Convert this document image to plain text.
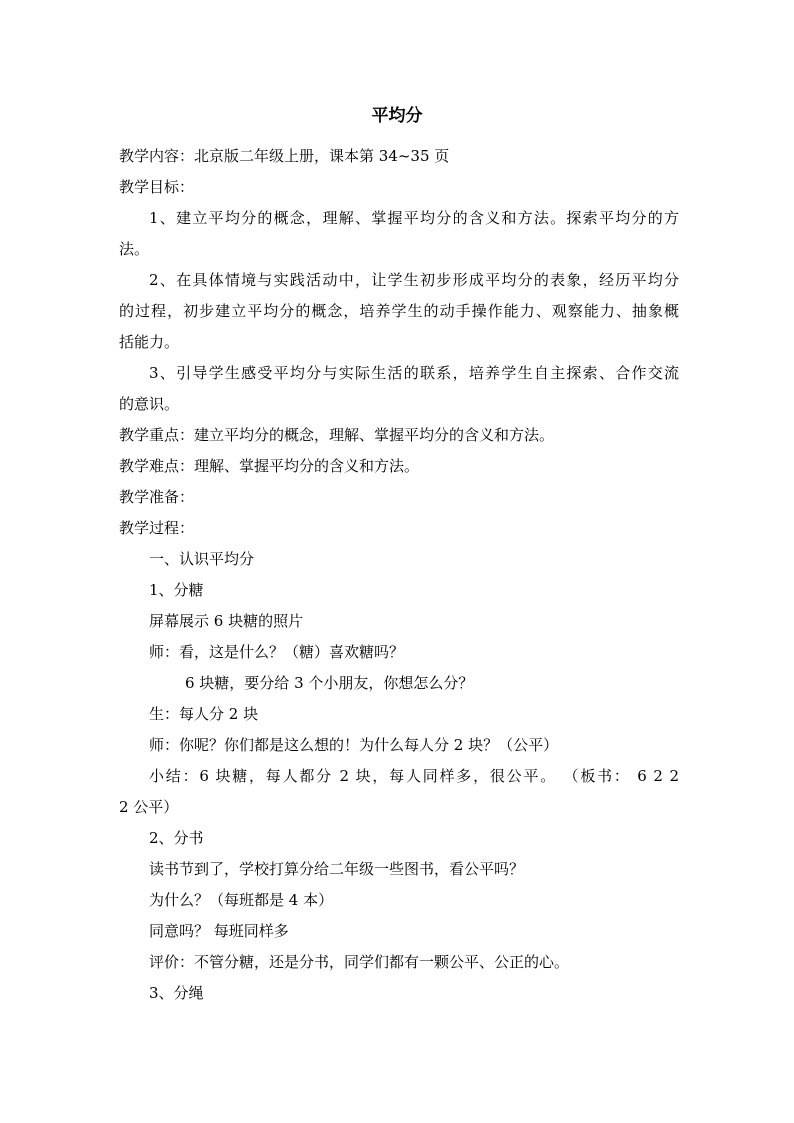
平均分
教学内容：北京版二年级上册，课本第 34~35 页
教学目标：
1、建立平均分的概念，理解、掌握平均分的含义和方法。探索平均分的方
法。
2、在具体情境与实践活动中，让学生初步形成平均分的表象，经历平均分
的过程，初步建立平均分的概念，培养学生的动手操作能力、观察能力、抽象概
括能力。
3、引导学生感受平均分与实际生活的联系，培养学生自主探索、合作交流
的意识。
教学重点：建立平均分的概念，理解、掌握平均分的含义和方法。
教学难点：理解、掌握平均分的含义和方法。
教学准备：
教学过程：
一、认识平均分
1、分糖
屏幕展示 6 块糖的照片
师：看，这是什么？（糖）喜欢糖吗？
6 块糖，要分给 3 个小朋友，你想怎么分？
生：每人分 2 块
师：你呢？你们都是这么想的！为什么每人分 2 块？（公平）
小结：6 块糖，每人都分 2 块，每人同样多，很公平。 （板书： 6 2 2
2 公平）
2、分书
读书节到了，学校打算分给二年级一些图书，看公平吗？
为什么？（每班都是 4 本）
同意吗？ 每班同样多
评价：不管分糖，还是分书，同学们都有一颗公平、公正的心。
3、分绳
